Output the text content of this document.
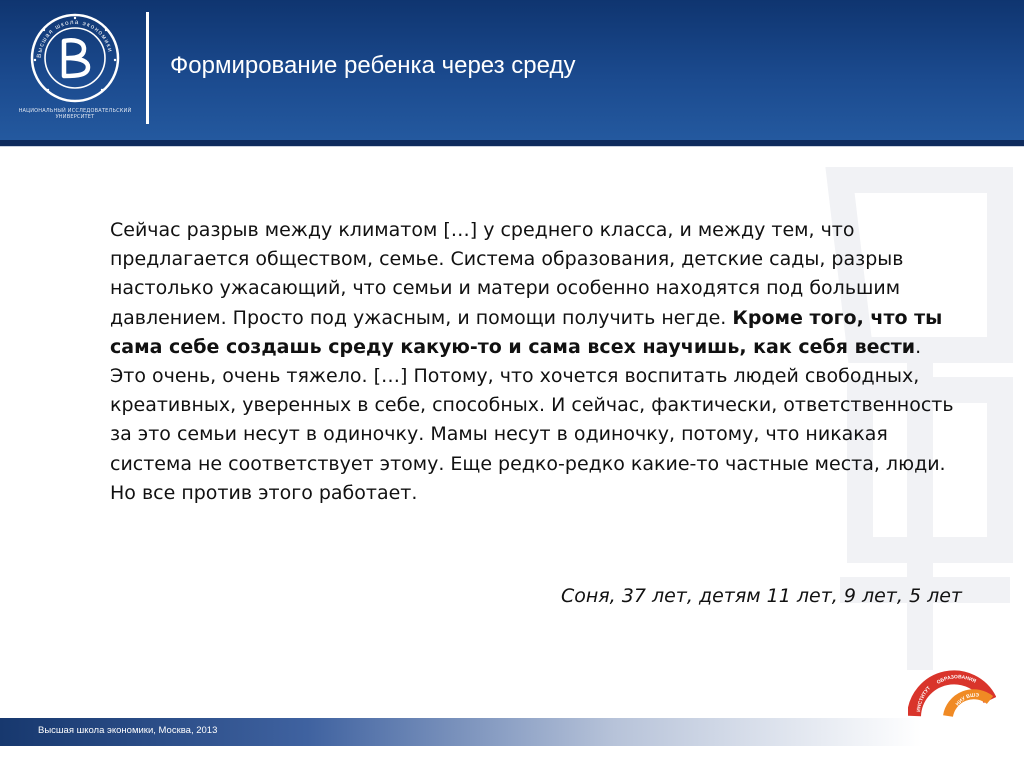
Высшая школа экономики
НАЦИОНАЛЬНЫЙ ИССЛЕДОВАТЕЛЬСКИЙ УНИВЕРСИТЕТ
Формирование ребенка через среду
Сейчас разрыв между климатом […] у среднего класса, и между тем, что предлагается обществом, семье. Система образования, детские сады, разрыв настолько ужасающий, что семьи и матери особенно находятся под большим давлением. Просто под ужасным, и помощи получить негде. Кроме того, что ты сама себе создашь среду какую-то и сама всех научишь, как себя вести. Это очень, очень тяжело. […] Потому, что хочется воспитать людей свободных, креативных, уверенных в себе, способных. И сейчас, фактически, ответственность за это семьи несут в одиночку. Мамы несут в одиночку, потому, что никакая система не соответствует этому. Еще редко-редко какие-то частные места, люди. Но все против этого работает.
Соня, 37 лет, детям 11 лет, 9 лет, 5 лет
ИНСТИТУТ
ОБРАЗОВАНИЯ
НИУ ВШЭ
Высшая школа экономики, Москва, 2013
